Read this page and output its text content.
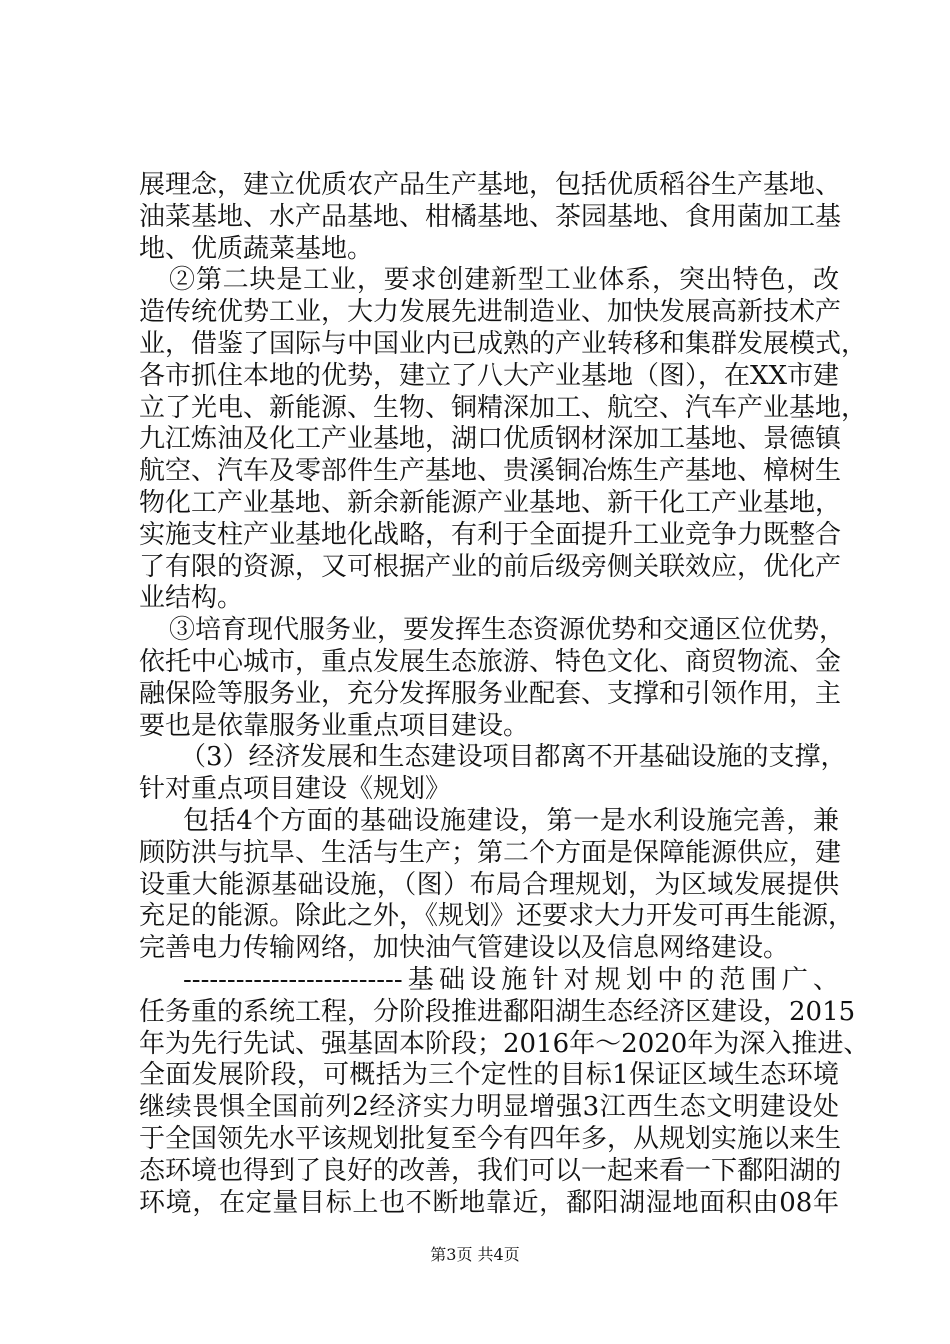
展理念，建立优质农产品生产基地，包括优质稻谷生产基地、
油菜基地、水产品基地、柑橘基地、茶园基地、食用菌加工基
地、优质蔬菜基地。
②第二块是工业，要求创建新型工业体系，突出特色，改
造传统优势工业，大力发展先进制造业、加快发展高新技术产
业，借鉴了国际与中国业内已成熟的产业转移和集群发展模式，
各市抓住本地的优势，建立了八大产业基地（图），在XX市建
立了光电、新能源、生物、铜精深加工、航空、汽车产业基地，
九江炼油及化工产业基地，湖口优质钢材深加工基地、景德镇
航空、汽车及零部件生产基地、贵溪铜冶炼生产基地、樟树生
物化工产业基地、新余新能源产业基地、新干化工产业基地，
实施支柱产业基地化战略，有利于全面提升工业竞争力既整合
了有限的资源，又可根据产业的前后级旁侧关联效应，优化产
业结构。
③培育现代服务业，要发挥生态资源优势和交通区位优势，
依托中心城市，重点发展生态旅游、特色文化、商贸物流、金
融保险等服务业，充分发挥服务业配套、支撑和引领作用，主
要也是依靠服务业重点项目建设。
（3）经济发展和生态建设项目都离不开基础设施的支撑，
针对重点项目建设《规划》
包括4个方面的基础设施建设，第一是水利设施完善，兼
顾防洪与抗旱、生活与生产；第二个方面是保障能源供应，建
设重大能源基础设施，（图）布局合理规划，为区域发展提供
充足的能源。除此之外，《规划》还要求大力开发可再生能源，
完善电力传输网络，加快油气管建设以及信息网络建设。
-------------------------基础设施针对规划中的范围广、
任务重的系统工程，分阶段推进鄱阳湖生态经济区建设，2015
年为先行先试、强基固本阶段；2016年～2020年为深入推进、
全面发展阶段，可概括为三个定性的目标1保证区域生态环境
继续畏惧全国前列2经济实力明显增强3江西生态文明建设处
于全国领先水平该规划批复至今有四年多，从规划实施以来生
态环境也得到了良好的改善，我们可以一起来看一下鄱阳湖的
环境，在定量目标上也不断地靠近，鄱阳湖湿地面积由08年
第3页 共4页
